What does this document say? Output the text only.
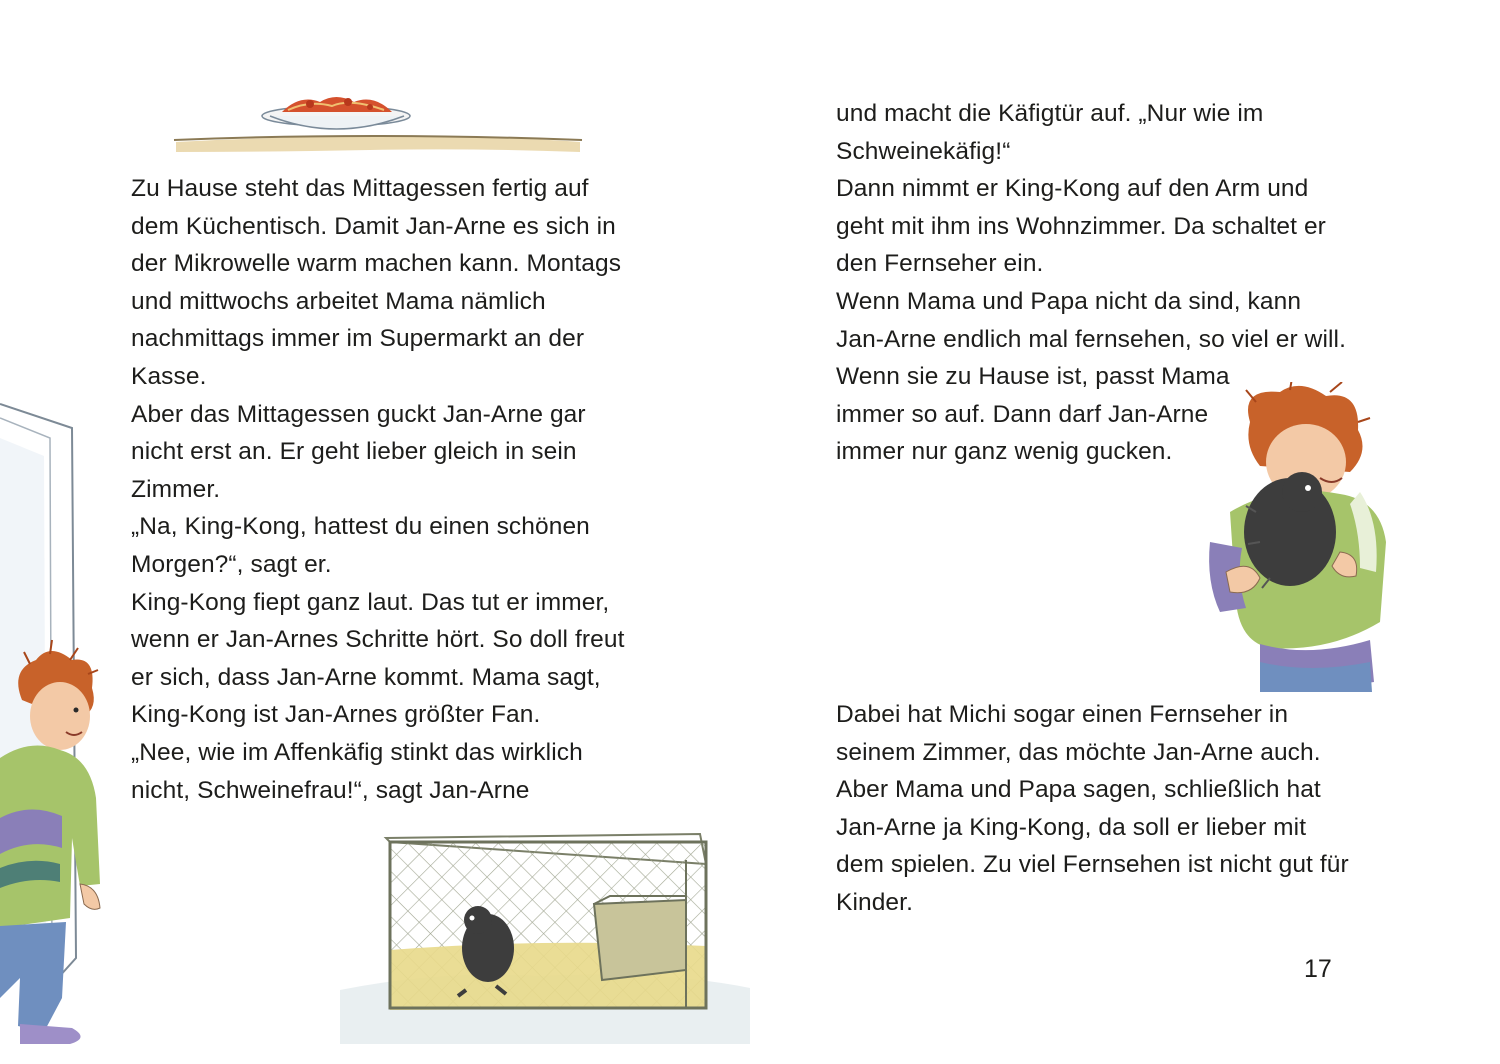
Zu Hause steht das Mittagessen fertig auf
dem Küchentisch. Damit Jan-Arne es sich in
der Mikrowelle warm machen kann. Montags
und mittwochs arbeitet Mama nämlich
nachmittags immer im Supermarkt an der
Kasse.
Aber das Mittagessen guckt Jan-Arne gar
nicht erst an. Er geht lieber gleich in sein
Zimmer.
„Na, King-Kong, hattest du einen schönen
Morgen?“, sagt er.
King-Kong fiept ganz laut. Das tut er immer,
wenn er Jan-Arnes Schritte hört. So doll freut
er sich, dass Jan-Arne kommt. Mama sagt,
King-Kong ist Jan-Arnes größter Fan.
„Nee, wie im Affenkäfig stinkt das wirklich
nicht, Schweinefrau!“, sagt Jan-Arne
und macht die Käfigtür auf. „Nur wie im
Schweinekäfig!“
Dann nimmt er King-Kong auf den Arm und
geht mit ihm ins Wohnzimmer. Da schaltet er
den Fernseher ein.
Wenn Mama und Papa nicht da sind, kann
Jan-Arne endlich mal fernsehen, so viel er will.
Wenn sie zu Hause ist, passt Mama
immer so auf. Dann darf Jan-Arne
immer nur ganz wenig gucken.
Dabei hat Michi sogar einen Fernseher in
seinem Zimmer, das möchte Jan-Arne auch.
Aber Mama und Papa sagen, schließlich hat
Jan-Arne ja King-Kong, da soll er lieber mit
dem spielen. Zu viel Fernsehen ist nicht gut für
Kinder.
17
